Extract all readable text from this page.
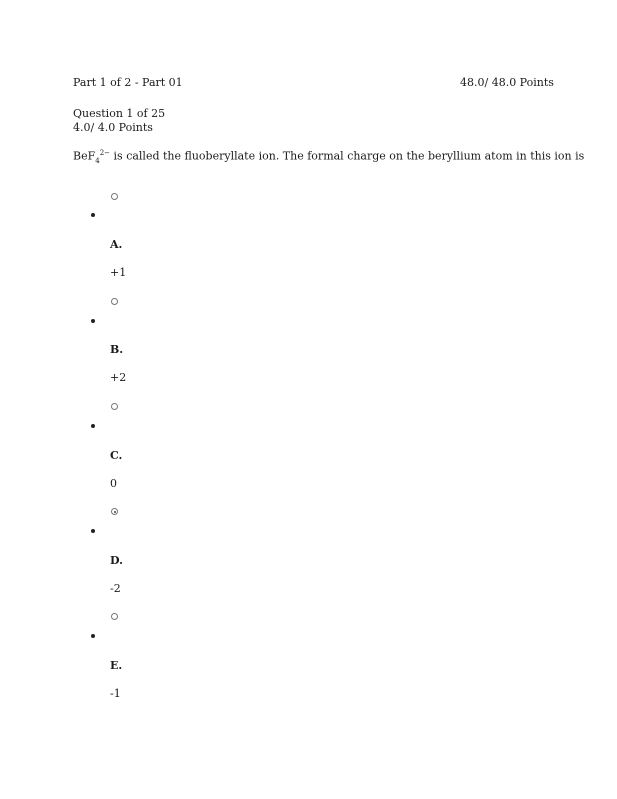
Part 1 of 2 - Part 01	48.0/ 48.0 Points
Question 1 of 25
4.0/ 4.0 Points
BeF$_4^{2-}$ is called the fluoberyllate ion. The formal charge on the beryllium atom in this ion is
A.
+1
B.
+2
C.
0
D.
-2
E.
-1
